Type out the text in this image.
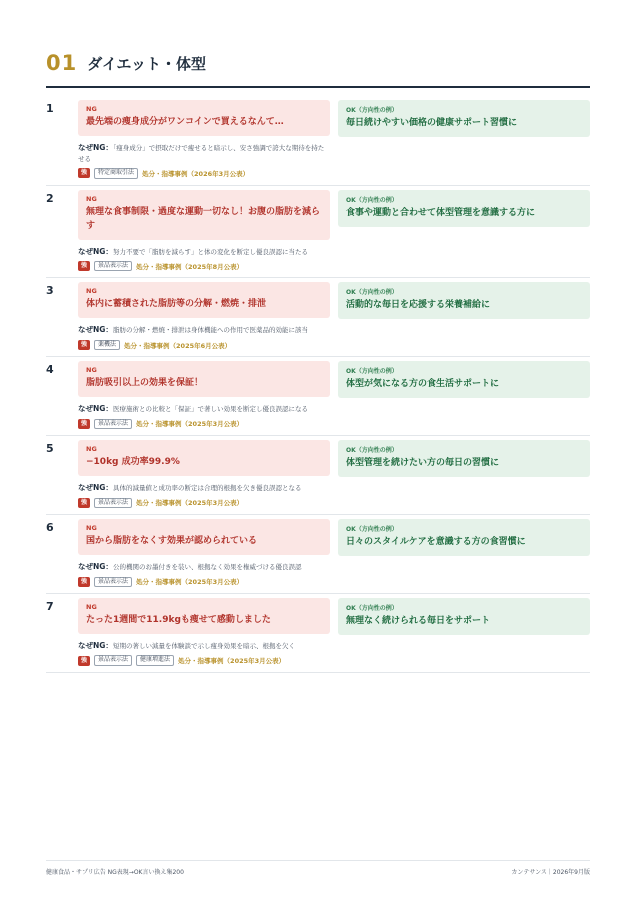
01 ダイエット・体型
1	NG
最先端の痩身成分がワンコインで買えるなんて…
なぜNG：「痩身成分」で摂取だけで痩せると暗示し、安さ強調で誇大な期待を持たせる
強	特定商取引法	処分・指導事例（2026年3月公表）
OK（方向性の例）
毎日続けやすい価格の健康サポート習慣に
2	NG
無理な食事制限・過度な運動一切なし！お腹の脂肪を減らす
なぜNG：努力不要で「脂肪を減らす」と体の変化を断定し優良誤認に当たる
強	景品表示法	処分・指導事例（2025年8月公表）
OK（方向性の例）
食事や運動と合わせて体型管理を意識する方に
3	NG
体内に蓄積された脂肪等の分解・燃焼・排泄
なぜNG：脂肪の分解・燃焼・排泄は身体機能への作用で医薬品的効能に該当
強	薬機法	処分・指導事例（2025年6月公表）
OK（方向性の例）
活動的な毎日を応援する栄養補給に
4	NG
脂肪吸引以上の効果を保証！
なぜNG：医療施術との比較と「保証」で著しい効果を断定し優良誤認になる
強	景品表示法	処分・指導事例（2025年3月公表）
OK（方向性の例）
体型が気になる方の食生活サポートに
5	NG
−10kg 成功率99.9%
なぜNG：具体的減量値と成功率の断定は合理的根拠を欠き優良誤認となる
強	景品表示法	処分・指導事例（2025年3月公表）
OK（方向性の例）
体型管理を続けたい方の毎日の習慣に
6	NG
国から脂肪をなくす効果が認められている
なぜNG：公的機関のお墨付きを装い、根拠なく効果を権威づける優良誤認
強	景品表示法	処分・指導事例（2025年3月公表）
OK（方向性の例）
日々のスタイルケアを意識する方の食習慣に
7	NG
たった1週間で11.9kgも痩せて感動しました
なぜNG：短期の著しい減量を体験談で示し痩身効果を暗示、根拠を欠く
強	景品表示法	健康増進法	処分・指導事例（2025年3月公表）
OK（方向性の例）
無理なく続けられる毎日をサポート
健康食品・サプリ広告 NG表現→OK言い換え集200	カンテサンス｜2026年9月版
